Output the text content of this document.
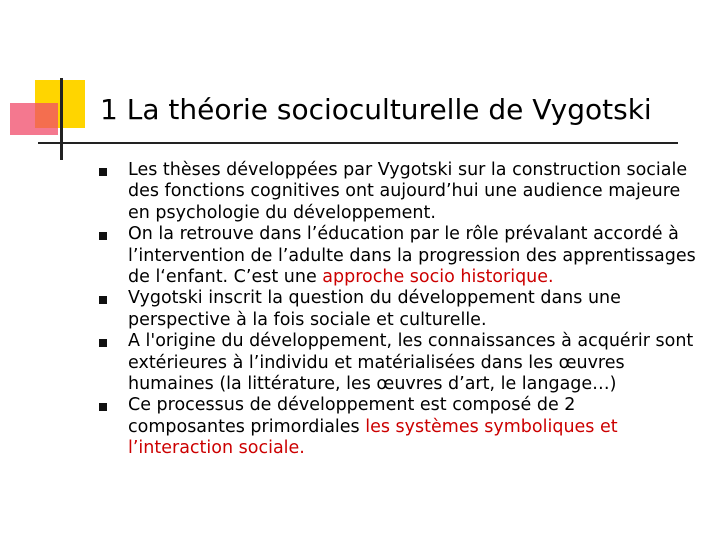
1 La théorie socioculturelle de Vygotski
Les thèses développées par Vygotski sur la construction sociale des fonctions cognitives ont aujourd’hui une audience majeure en psychologie du développement.
On la retrouve dans l’éducation par le rôle prévalant accordé à l’intervention de l’adulte dans la progression des apprentissages de l‘enfant. C’est une approche socio historique.
Vygotski inscrit la question du développement dans une perspective à la fois sociale et culturelle.
A l'origine du développement, les connaissances à acquérir sont extérieures à l’individu et matérialisées dans les œuvres humaines (la littérature, les œuvres d’art, le langage…)
Ce processus de développement est composé de 2 composantes primordiales les systèmes symboliques et l’interaction sociale.
